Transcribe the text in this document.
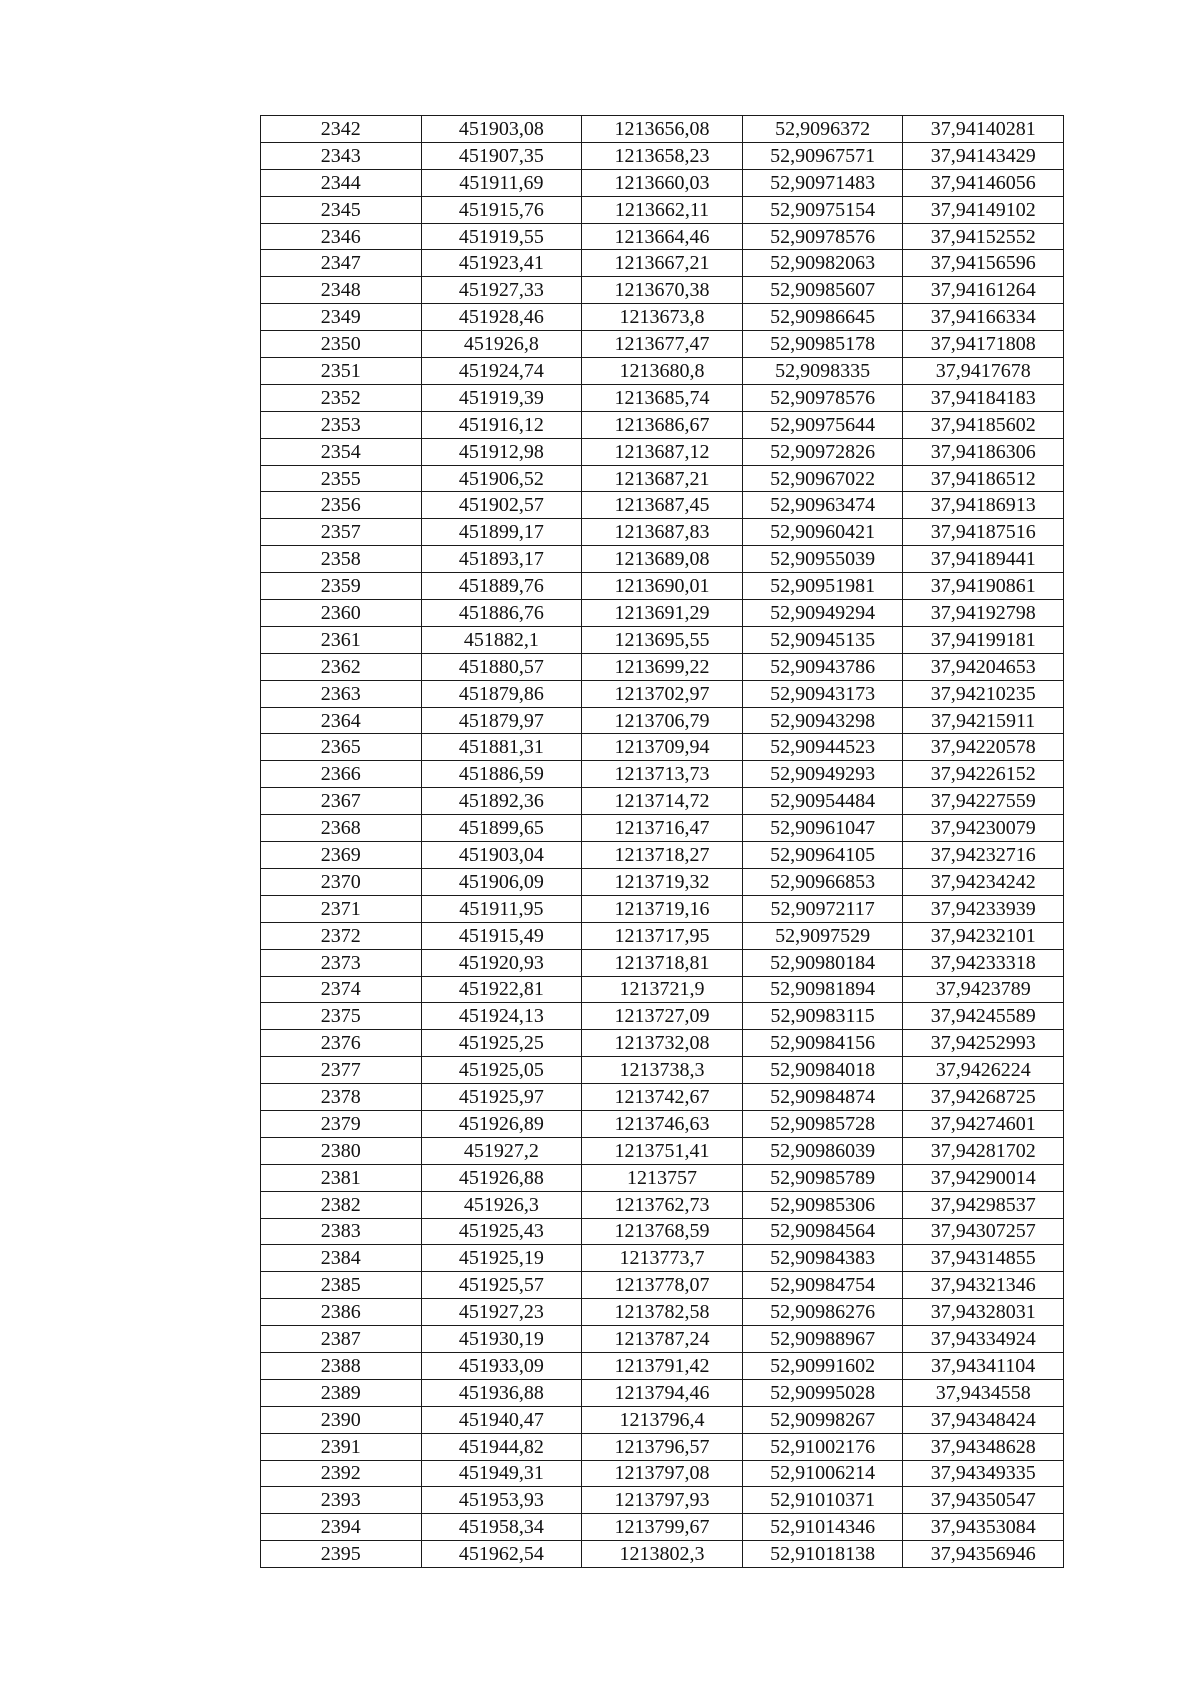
2342	451903,08	1213656,08	52,9096372	37,94140281
2343	451907,35	1213658,23	52,90967571	37,94143429
2344	451911,69	1213660,03	52,90971483	37,94146056
2345	451915,76	1213662,11	52,90975154	37,94149102
2346	451919,55	1213664,46	52,90978576	37,94152552
2347	451923,41	1213667,21	52,90982063	37,94156596
2348	451927,33	1213670,38	52,90985607	37,94161264
2349	451928,46	1213673,8	52,90986645	37,94166334
2350	451926,8	1213677,47	52,90985178	37,94171808
2351	451924,74	1213680,8	52,9098335	37,9417678
2352	451919,39	1213685,74	52,90978576	37,94184183
2353	451916,12	1213686,67	52,90975644	37,94185602
2354	451912,98	1213687,12	52,90972826	37,94186306
2355	451906,52	1213687,21	52,90967022	37,94186512
2356	451902,57	1213687,45	52,90963474	37,94186913
2357	451899,17	1213687,83	52,90960421	37,94187516
2358	451893,17	1213689,08	52,90955039	37,94189441
2359	451889,76	1213690,01	52,90951981	37,94190861
2360	451886,76	1213691,29	52,90949294	37,94192798
2361	451882,1	1213695,55	52,90945135	37,94199181
2362	451880,57	1213699,22	52,90943786	37,94204653
2363	451879,86	1213702,97	52,90943173	37,94210235
2364	451879,97	1213706,79	52,90943298	37,94215911
2365	451881,31	1213709,94	52,90944523	37,94220578
2366	451886,59	1213713,73	52,90949293	37,94226152
2367	451892,36	1213714,72	52,90954484	37,94227559
2368	451899,65	1213716,47	52,90961047	37,94230079
2369	451903,04	1213718,27	52,90964105	37,94232716
2370	451906,09	1213719,32	52,90966853	37,94234242
2371	451911,95	1213719,16	52,90972117	37,94233939
2372	451915,49	1213717,95	52,9097529	37,94232101
2373	451920,93	1213718,81	52,90980184	37,94233318
2374	451922,81	1213721,9	52,90981894	37,9423789
2375	451924,13	1213727,09	52,90983115	37,94245589
2376	451925,25	1213732,08	52,90984156	37,94252993
2377	451925,05	1213738,3	52,90984018	37,9426224
2378	451925,97	1213742,67	52,90984874	37,94268725
2379	451926,89	1213746,63	52,90985728	37,94274601
2380	451927,2	1213751,41	52,90986039	37,94281702
2381	451926,88	1213757	52,90985789	37,94290014
2382	451926,3	1213762,73	52,90985306	37,94298537
2383	451925,43	1213768,59	52,90984564	37,94307257
2384	451925,19	1213773,7	52,90984383	37,94314855
2385	451925,57	1213778,07	52,90984754	37,94321346
2386	451927,23	1213782,58	52,90986276	37,94328031
2387	451930,19	1213787,24	52,90988967	37,94334924
2388	451933,09	1213791,42	52,90991602	37,94341104
2389	451936,88	1213794,46	52,90995028	37,9434558
2390	451940,47	1213796,4	52,90998267	37,94348424
2391	451944,82	1213796,57	52,91002176	37,94348628
2392	451949,31	1213797,08	52,91006214	37,94349335
2393	451953,93	1213797,93	52,91010371	37,94350547
2394	451958,34	1213799,67	52,91014346	37,94353084
2395	451962,54	1213802,3	52,91018138	37,94356946
